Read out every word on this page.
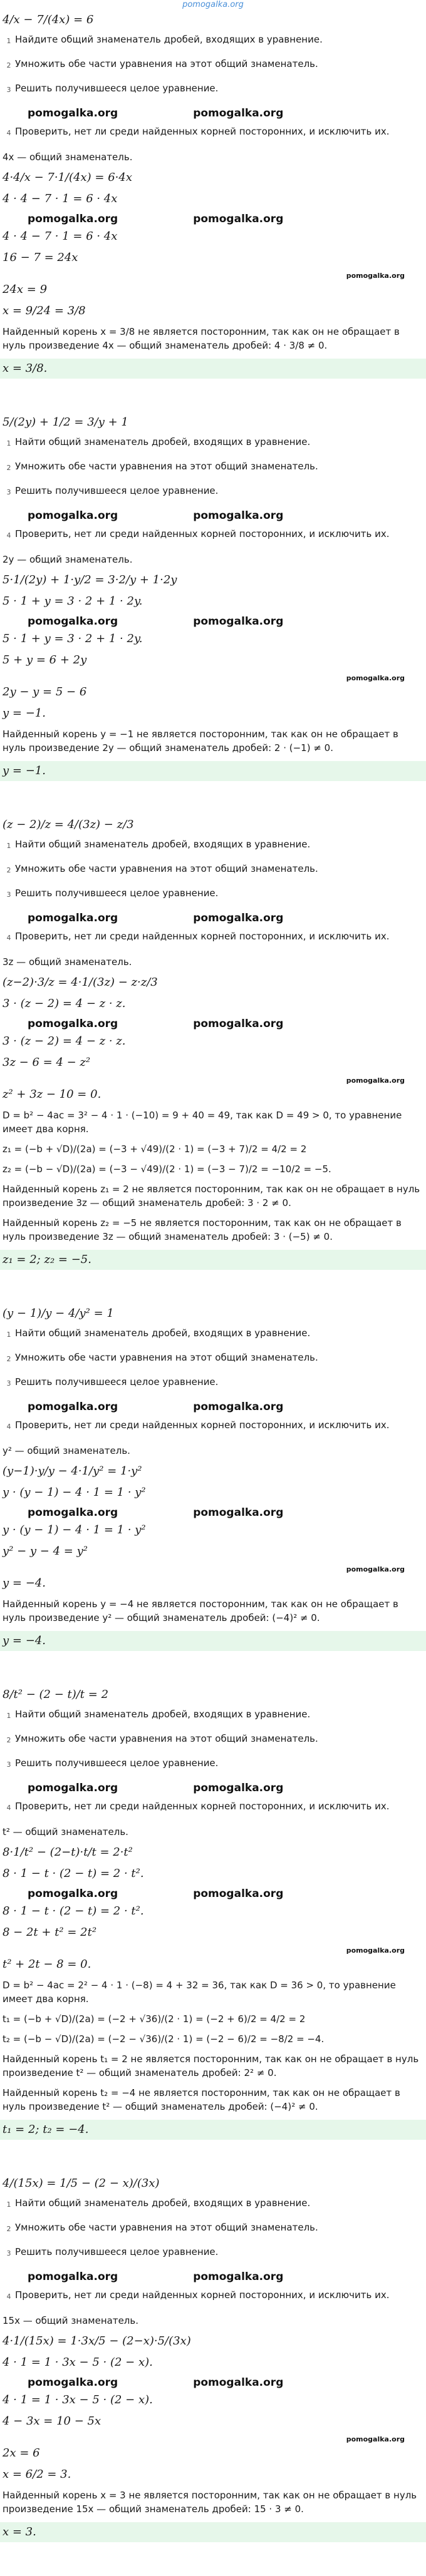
pomogalka.org
4/x − 7/(4x) = 6
1 Найдите общий знаменатель дробей, входящих в уравнение.
2 Умножить обе части уравнения на этот общий знаменатель.
3 Решить получившееся целое уравнение.
pomogalka.org	pomogalka.org
4 Проверить, нет ли среди найденных корней посторонних, и исключить их.
4x — общий знаменатель.
4·4/x − 7·1/(4x) = 6·4x
4 · 4 − 7 · 1 = 6 · 4x
pomogalka.org	pomogalka.org
4 · 4 − 7 · 1 = 6 · 4x
16 − 7 = 24x
pomogalka.org
24x = 9
x = 9/24 = 3/8
Найденный корень x = 3/8 не является посторонним, так как он не обращает в нуль произведение 4x — общий знаменатель дробей: 4 · 3/8 ≠ 0.
x = 3/8.
5/(2y) + 1/2 = 3/y + 1
1 Найти общий знаменатель дробей, входящих в уравнение.
2 Умножить обе части уравнения на этот общий знаменатель.
3 Решить получившееся целое уравнение.
pomogalka.org	pomogalka.org
4 Проверить, нет ли среди найденных корней посторонних, и исключить их.
2y — общий знаменатель.
5·1/(2y) + 1·y/2 = 3·2/y + 1·2y
5 · 1 + y = 3 · 2 + 1 · 2y.
pomogalka.org	pomogalka.org
5 · 1 + y = 3 · 2 + 1 · 2y.
5 + y = 6 + 2y
pomogalka.org
2y − y = 5 − 6
y = −1.
Найденный корень y = −1 не является посторонним, так как он не обращает в нуль произведение 2y — общий знаменатель дробей: 2 · (−1) ≠ 0.
y = −1.
(z − 2)/z = 4/(3z) − z/3
1 Найти общий знаменатель дробей, входящих в уравнение.
2 Умножить обе части уравнения на этот общий знаменатель.
3 Решить получившееся целое уравнение.
pomogalka.org	pomogalka.org
4 Проверить, нет ли среди найденных корней посторонних, и исключить их.
3z — общий знаменатель.
(z−2)·3/z = 4·1/(3z) − z·z/3
3 · (z − 2) = 4 − z · z.
pomogalka.org	pomogalka.org
3 · (z − 2) = 4 − z · z.
3z − 6 = 4 − z²
pomogalka.org
z² + 3z − 10 = 0.
D = b² − 4ac = 3² − 4 · 1 · (−10) = 9 + 40 = 49, так как D = 49 > 0, то уравнение имеет два корня.
z₁ = (−b + √D)/(2a) = (−3 + √49)/(2 · 1) = (−3 + 7)/2 = 4/2 = 2
z₂ = (−b − √D)/(2a) = (−3 − √49)/(2 · 1) = (−3 − 7)/2 = −10/2 = −5.
Найденный корень z₁ = 2 не является посторонним, так как он не обращает в нуль произведение 3z — общий знаменатель дробей: 3 · 2 ≠ 0.
Найденный корень z₂ = −5 не является посторонним, так как он не обращает в нуль произведение 3z — общий знаменатель дробей: 3 · (−5) ≠ 0.
z₁ = 2; z₂ = −5.
(y − 1)/y − 4/y² = 1
1 Найти общий знаменатель дробей, входящих в уравнение.
2 Умножить обе части уравнения на этот общий знаменатель.
3 Решить получившееся целое уравнение.
pomogalka.org	pomogalka.org
4 Проверить, нет ли среди найденных корней посторонних, и исключить их.
y² — общий знаменатель.
(y−1)·y/y − 4·1/y² = 1·y²
y · (y − 1) − 4 · 1 = 1 · y²
pomogalka.org	pomogalka.org
y · (y − 1) − 4 · 1 = 1 · y²
y² − y − 4 = y²
pomogalka.org
y = −4.
Найденный корень y = −4 не является посторонним, так как он не обращает в нуль произведение y² — общий знаменатель дробей: (−4)² ≠ 0.
y = −4.
8/t² − (2 − t)/t = 2
1 Найти общий знаменатель дробей, входящих в уравнение.
2 Умножить обе части уравнения на этот общий знаменатель.
3 Решить получившееся целое уравнение.
pomogalka.org	pomogalka.org
4 Проверить, нет ли среди найденных корней посторонних, и исключить их.
t² — общий знаменатель.
8·1/t² − (2−t)·t/t = 2·t²
8 · 1 − t · (2 − t) = 2 · t².
pomogalka.org	pomogalka.org
8 · 1 − t · (2 − t) = 2 · t².
8 − 2t + t² = 2t²
pomogalka.org
t² + 2t − 8 = 0.
D = b² − 4ac = 2² − 4 · 1 · (−8) = 4 + 32 = 36, так как D = 36 > 0, то уравнение имеет два корня.
t₁ = (−b + √D)/(2a) = (−2 + √36)/(2 · 1) = (−2 + 6)/2 = 4/2 = 2
t₂ = (−b − √D)/(2a) = (−2 − √36)/(2 · 1) = (−2 − 6)/2 = −8/2 = −4.
Найденный корень t₁ = 2 не является посторонним, так как он не обращает в нуль произведение t² — общий знаменатель дробей: 2² ≠ 0.
Найденный корень t₂ = −4 не является посторонним, так как он не обращает в нуль произведение t² — общий знаменатель дробей: (−4)² ≠ 0.
t₁ = 2; t₂ = −4.
4/(15x) = 1/5 − (2 − x)/(3x)
1 Найти общий знаменатель дробей, входящих в уравнение.
2 Умножить обе части уравнения на этот общий знаменатель.
3 Решить получившееся целое уравнение.
pomogalka.org	pomogalka.org
4 Проверить, нет ли среди найденных корней посторонних, и исключить их.
15x — общий знаменатель.
4·1/(15x) = 1·3x/5 − (2−x)·5/(3x)
4 · 1 = 1 · 3x − 5 · (2 − x).
pomogalka.org	pomogalka.org
4 · 1 = 1 · 3x − 5 · (2 − x).
4 − 3x = 10 − 5x
pomogalka.org
2x = 6
x = 6/2 = 3.
Найденный корень x = 3 не является посторонним, так как он не обращает в нуль произведение 15x — общий знаменатель дробей: 15 · 3 ≠ 0.
x = 3.
